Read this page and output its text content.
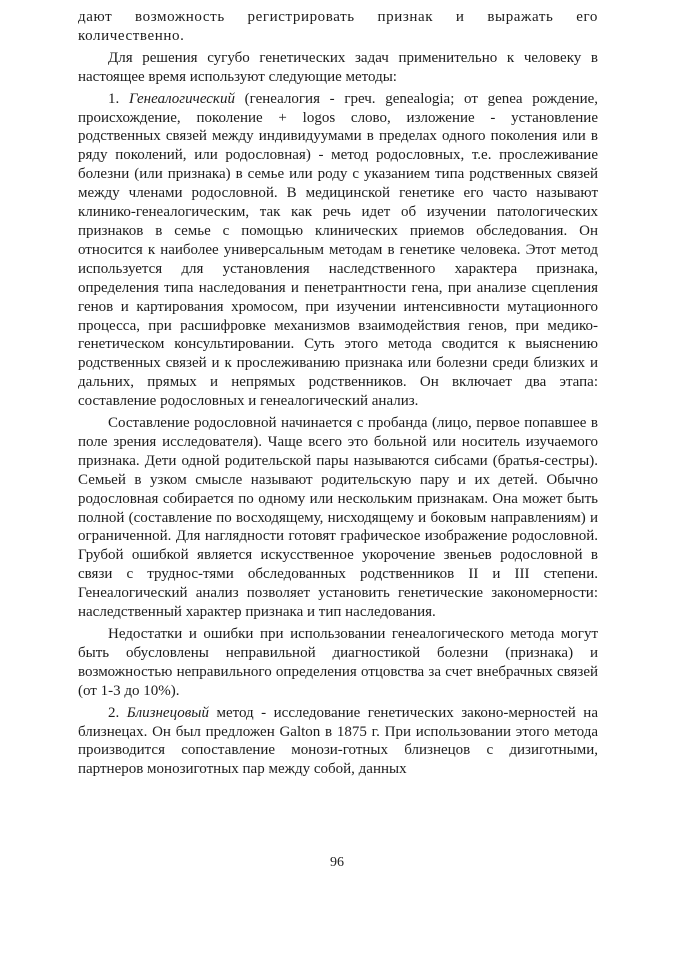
дают возможность регистрировать признак и выражать его количественно.

Для решения сугубо генетических задач применительно к человеку в настоящее время используют следующие методы:

1. Генеалогический (генеалогия - греч. genealogia; от genea рождение, происхождение, поколение + logos слово, изложение - установление родственных связей между индивидуумами в пределах одного поколения или в ряду поколений, или родословная) - метод родословных, т.е. прослеживание болезни (или признака) в семье или роду с указанием типа родственных связей между членами родословной. В медицинской генетике его часто называют клинико-генеалогическим, так как речь идет об изучении патологических признаков в семье с помощью клинических приемов обследования. Он относится к наиболее универсальным методам в генетике человека. Этот метод используется для установления наследственного характера признака, определения типа наследования и пенетрантности гена, при анализе сцепления генов и картирования хромосом, при изучении интенсивности мутационного процесса, при расшифровке механизмов взаимодействия генов, при медико-генетическом консультировании. Суть этого метода сводится к выяснению родственных связей и к прослеживанию признака или болезни среди близких и дальних, прямых и непрямых родственников. Он включает два этапа: составление родословных и генеалогический анализ.

Составление родословной начинается с пробанда (лицо, первое попавшее в поле зрения исследователя). Чаще всего это больной или носитель изучаемого признака. Дети одной родительской пары называются сибсами (братья-сестры). Семьей в узком смысле называют родительскую пару и их детей. Обычно родословная собирается по одному или нескольким признакам. Она может быть полной (составление по восходящему, нисходящему и боковым направлениям) и ограниченной. Для наглядности готовят графическое изображение родословной. Грубой ошибкой является искусственное укорочение звеньев родословной в связи с труднос-тями обследованных родственников II и III степени. Генеалогический анализ позволяет установить генетические закономерности: наследственный характер признака и тип наследования.

Недостатки и ошибки при использовании генеалогического метода могут быть обусловлены неправильной диагностикой болезни (признака) и возможностью неправильного определения отцовства за счет внебрачных связей (от 1-3 до 10%).

2. Близнецовый метод - исследование генетических законо-мерностей на близнецах. Он был предложен Galton в 1875 г. При использовании этого метода производится сопоставление монози-готных близнецов с дизиготными, партнеров монозиготных пар между собой, данных

96
